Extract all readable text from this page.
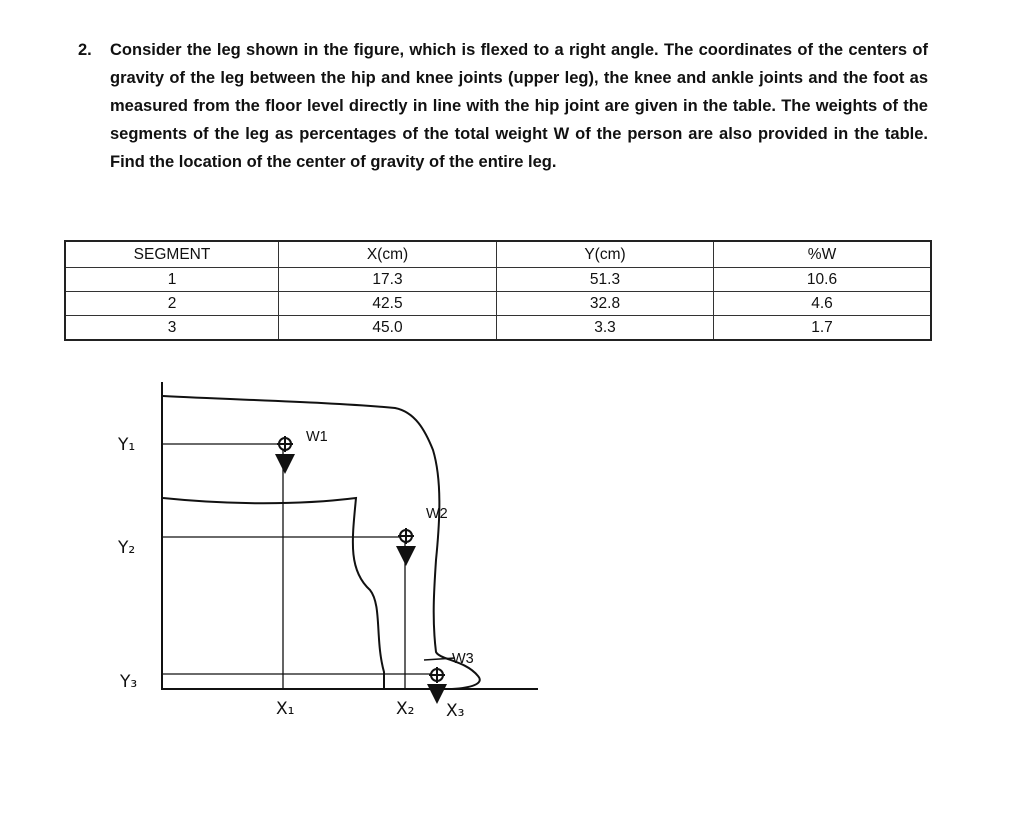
2. Consider the leg shown in the figure, which is flexed to a right angle. The coordinates of the centers of gravity of the leg between the hip and knee joints (upper leg), the knee and ankle joints and the foot as measured from the floor level directly in line with the hip joint are given in the table. The weights of the segments of the leg as percentages of the total weight W of the person are also provided in the table. Find the location of the center of gravity of the entire leg.
SEGMENT	X(cm)	Y(cm)	%W
1	17.3	51.3	10.6
2	42.5	32.8	4.6
3	45.0	3.3	1.7
Y₁
Y₂
Y₃
X₁	X₂ X₃
W1
W2
W3
